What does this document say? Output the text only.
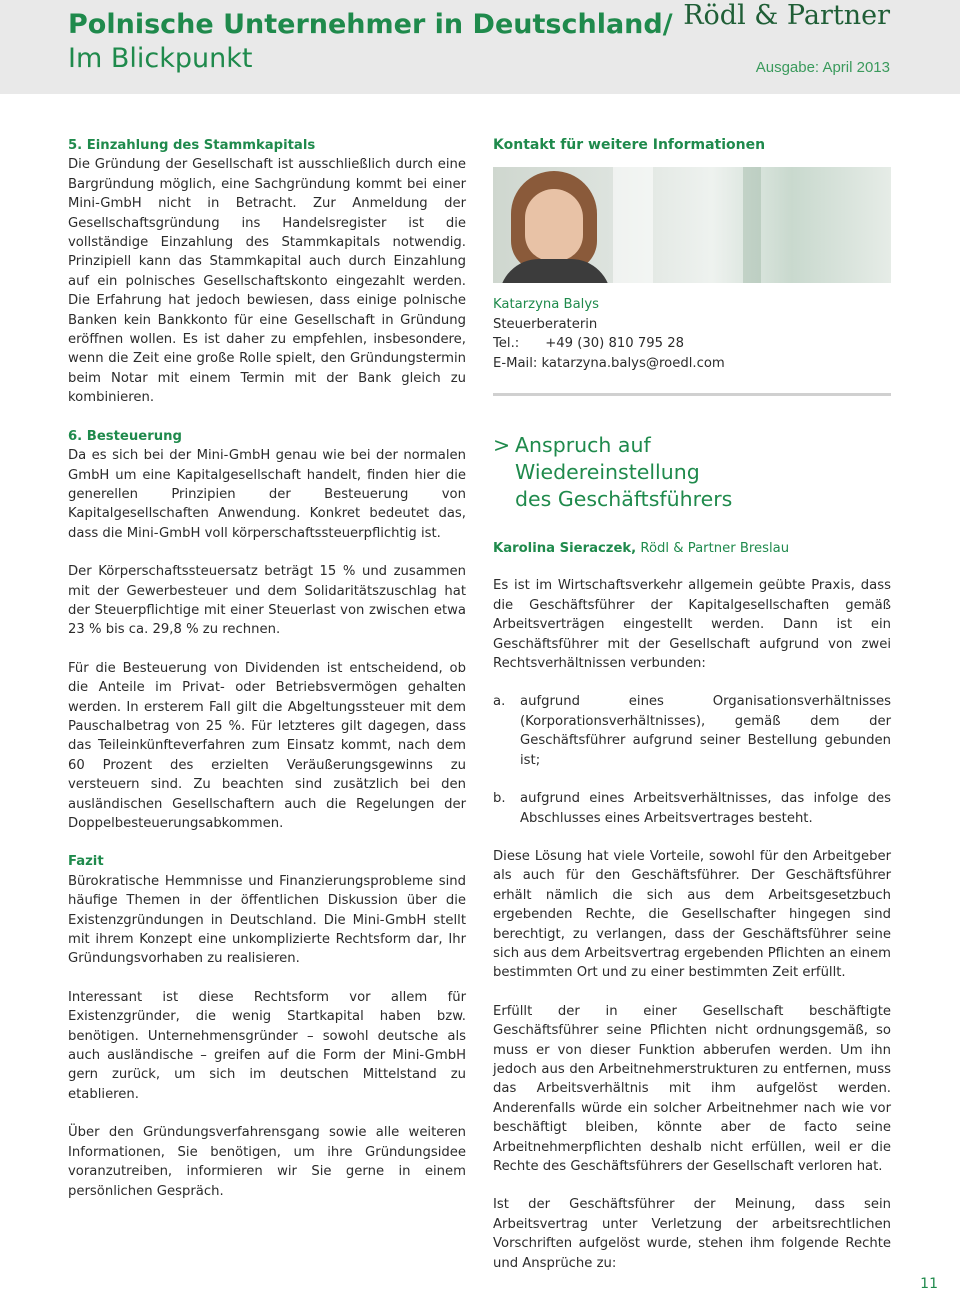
Polnische Unternehmer in Deutschland/
Im Blickpunkt
Rödl & Partner
Ausgabe: April 2013

5. Einzahlung des Stammkapitals
Die Gründung der Gesellschaft ist ausschließlich durch eine Bargründung möglich, eine Sachgründung kommt bei einer Mini-GmbH nicht in Betracht. Zur Anmeldung der Gesellschaftsgründung ins Handelsregister ist die vollständige Einzahlung des Stammkapitals notwendig. Prinzipiell kann das Stammkapital auch durch Einzahlung auf ein polnisches Gesellschaftskonto eingezahlt werden. Die Erfahrung hat jedoch bewiesen, dass einige polnische Banken kein Bankkonto für eine Gesellschaft in Gründung eröffnen wollen. Es ist daher zu empfehlen, insbesondere, wenn die Zeit eine große Rolle spielt, den Gründungstermin beim Notar mit einem Termin mit der Bank gleich zu kombinieren.

6. Besteuerung
Da es sich bei der Mini-GmbH genau wie bei der normalen GmbH um eine Kapitalgesellschaft handelt, finden hier die generellen Prinzipien der Besteuerung von Kapitalgesellschaften Anwendung. Konkret bedeutet das, dass die Mini-GmbH voll körperschaftssteuerpflichtig ist.

Der Körperschaftssteuersatz beträgt 15 % und zusammen mit der Gewerbesteuer und dem Solidaritätszuschlag hat der Steuerpflichtige mit einer Steuerlast von zwischen etwa 23 % bis ca. 29,8 % zu rechnen.

Für die Besteuerung von Dividenden ist entscheidend, ob die Anteile im Privat- oder Betriebsvermögen gehalten werden. In ersterem Fall gilt die Abgeltungssteuer mit dem Pauschalbetrag von 25 %. Für letzteres gilt dagegen, dass das Teileinkünfteverfahren zum Einsatz kommt, nach dem 60 Prozent des erzielten Veräußerungsgewinns zu versteuern sind. Zu beachten sind zusätzlich bei den ausländischen Gesellschaftern auch die Regelungen der Doppelbesteuerungsabkommen.

Fazit
Bürokratische Hemmnisse und Finanzierungsprobleme sind häufige Themen in der öffentlichen Diskussion über die Existenzgründungen in Deutschland. Die Mini-GmbH stellt mit ihrem Konzept eine unkomplizierte Rechtsform dar, Ihr Gründungsvorhaben zu realisieren.

Interessant ist diese Rechtsform vor allem für Existenzgründer, die wenig Startkapital haben bzw. benötigen. Unternehmensgründer – sowohl deutsche als auch ausländische – greifen auf die Form der Mini-GmbH gern zurück, um sich im deutschen Mittelstand zu etablieren.

Über den Gründungsverfahrensgang sowie alle weiteren Informationen, Sie benötigen, um ihre Gründungsidee voranzutreiben, informieren wir Sie gerne in einem persönlichen Gespräch.

Kontakt für weitere Informationen
Katarzyna Balys
Steuerberaterin
Tel.: +49 (30) 810 795 28
E-Mail: katarzyna.balys@roedl.com
> Anspruch auf
Wiedereinstellung
des Geschäftsführers

Karolina Sieraczek, Rödl & Partner Breslau

Es ist im Wirtschaftsverkehr allgemein geübte Praxis, dass die Geschäftsführer der Kapitalgesellschaften gemäß Arbeitsverträgen eingestellt werden. Dann ist ein Geschäftsführer mit der Gesellschaft aufgrund von zwei Rechtsverhältnissen verbunden:

a.	aufgrund eines Organisationsverhältnisses (Korporationsverhältnisses), gemäß dem der Geschäftsführer aufgrund seiner Bestellung gebunden ist;
b.	aufgrund eines Arbeitsverhältnisses, das infolge des Abschlusses eines Arbeitsvertrages besteht.

Diese Lösung hat viele Vorteile, sowohl für den Arbeitgeber als auch für den Geschäftsführer. Der Geschäftsführer erhält nämlich die sich aus dem Arbeitsgesetzbuch ergebenden Rechte, die Gesellschafter hingegen sind berechtigt, zu verlangen, dass der Geschäftsführer seine sich aus dem Arbeitsvertrag ergebenden Pflichten an einem bestimmten Ort und zu einer bestimmten Zeit erfüllt.

Erfüllt der in einer Gesellschaft beschäftigte Geschäftsführer seine Pflichten nicht ordnungsgemäß, so muss er von dieser Funktion abberufen werden. Um ihn jedoch aus den Arbeitnehmerstrukturen zu entfernen, muss das Arbeitsverhältnis mit ihm aufgelöst werden. Anderenfalls würde ein solcher Arbeitnehmer nach wie vor beschäftigt bleiben, könnte aber de facto seine Arbeitnehmerpflichten deshalb nicht erfüllen, weil er die Rechte des Geschäftsführers der Gesellschaft verloren hat.

Ist der Geschäftsführer der Meinung, dass sein Arbeitsvertrag unter Verletzung der arbeitsrechtlichen Vorschriften aufgelöst wurde, stehen ihm folgende Rechte und Ansprüche zu:

11
